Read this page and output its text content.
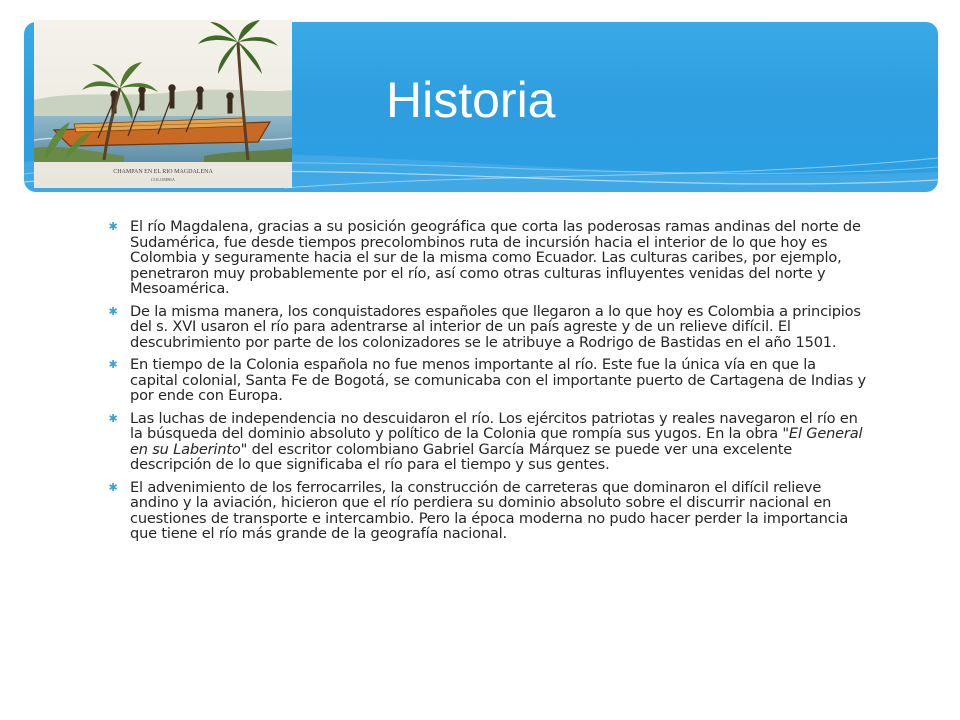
CHAMPAN EN EL RIO MAGDALENA
COLOMBIA
Historia
✱ El río Magdalena, gracias a su posición geográfica que corta las poderosas ramas andinas del norte de Sudamérica, fue desde tiempos precolombinos ruta de incursión hacia el interior de lo que hoy es Colombia y seguramente hacia el sur de la misma como Ecuador. Las culturas caribes, por ejemplo, penetraron muy probablemente por el río, así como otras culturas influyentes venidas del norte y Mesoamérica.
✱ De la misma manera, los conquistadores españoles que llegaron a lo que hoy es Colombia a principios del s. XVI usaron el río para adentrarse al interior de un país agreste y de un relieve difícil. El descubrimiento por parte de los colonizadores se le atribuye a Rodrigo de Bastidas en el año 1501.
✱ En tiempo de la Colonia española no fue menos importante al río. Este fue la única vía en que la capital colonial, Santa Fe de Bogotá, se comunicaba con el importante puerto de Cartagena de Indias y por ende con Europa.
✱ Las luchas de independencia no descuidaron el río. Los ejércitos patriotas y reales navegaron el río en la búsqueda del dominio absoluto y político de la Colonia que rompía sus yugos. En la obra "El General en su Laberinto" del escritor colombiano Gabriel García Márquez se puede ver una excelente descripción de lo que significaba el río para el tiempo y sus gentes.
✱ El advenimiento de los ferrocarriles, la construcción de carreteras que dominaron el difícil relieve andino y la aviación, hicieron que el río perdiera su dominio absoluto sobre el discurrir nacional en cuestiones de transporte e intercambio. Pero la época moderna no pudo hacer perder la importancia que tiene el río más grande de la geografía nacional.
